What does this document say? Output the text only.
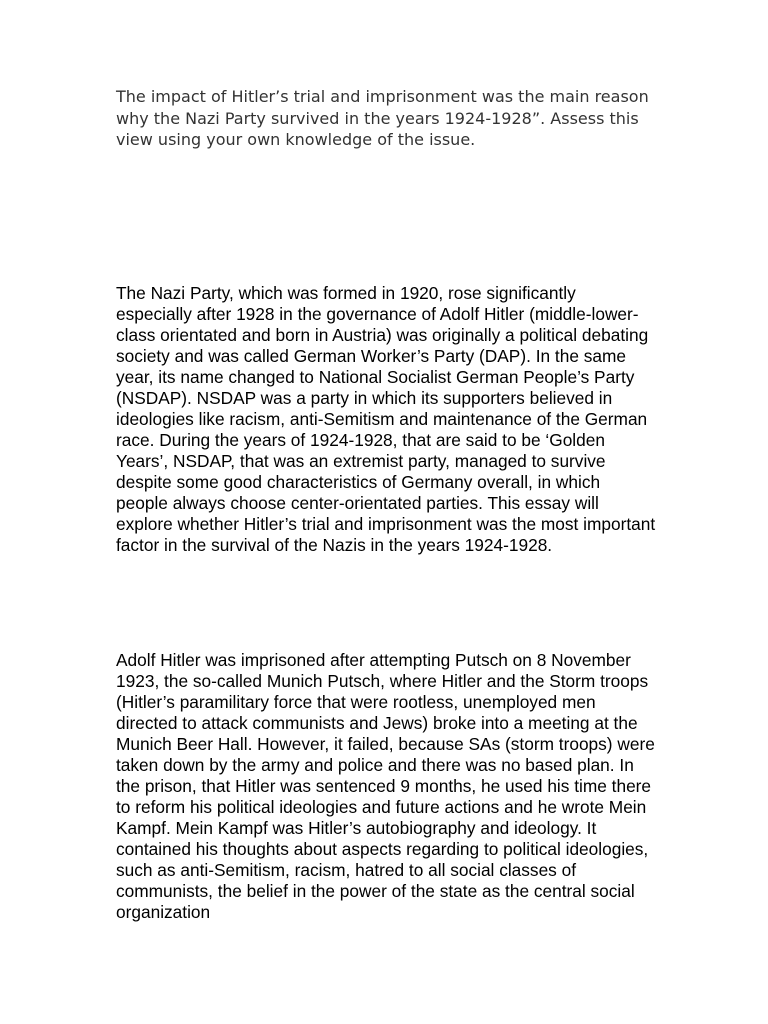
The impact of Hitler’s trial and imprisonment was the main reason why the Nazi Party survived in the years 1924-1928”. Assess this view using your own knowledge of the issue.

The Nazi Party, which was formed in 1920, rose significantly especially after 1928 in the governance of Adolf Hitler (middle-lower-class orientated and born in Austria) was originally a political debating society and was called German Worker’s Party (DAP). In the same year, its name changed to National Socialist German People’s Party (NSDAP). NSDAP was a party in which its supporters believed in ideologies like racism, anti-Semitism and maintenance of the German race. During the years of 1924-1928, that are said to be ‘Golden Years’, NSDAP, that was an extremist party, managed to survive despite some good characteristics of Germany overall, in which people always choose center-orientated parties. This essay will explore whether Hitler’s trial and imprisonment was the most important factor in the survival of the Nazis in the years 1924-1928.

Adolf Hitler was imprisoned after attempting Putsch on 8 November 1923, the so-called Munich Putsch, where Hitler and the Storm troops (Hitler’s paramilitary force that were rootless, unemployed men directed to attack communists and Jews) broke into a meeting at the Munich Beer Hall. However, it failed, because SAs (storm troops) were taken down by the army and police and there was no based plan. In the prison, that Hitler was sentenced 9 months, he used his time there to reform his political ideologies and future actions and he wrote Mein Kampf. Mein Kampf was Hitler’s autobiography and ideology. It contained his thoughts about aspects regarding to political ideologies, such as anti-Semitism, racism, hatred to all social classes of communists, the belief in the power of the state as the central social organization
